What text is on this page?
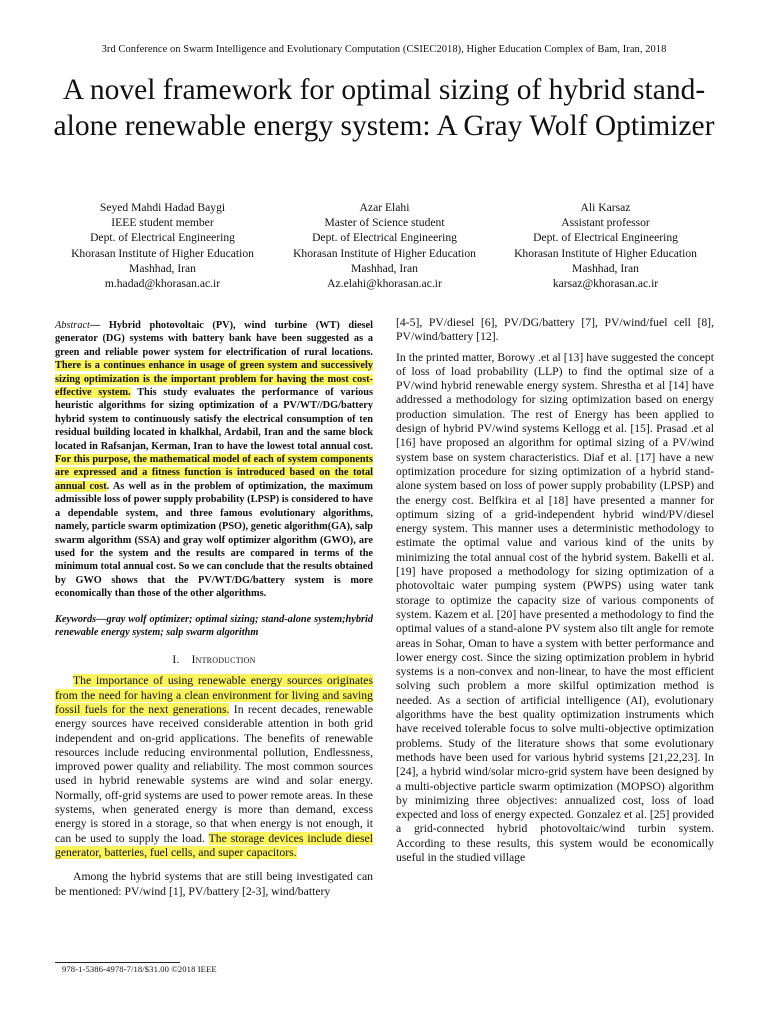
3rd Conference on Swarm Intelligence and Evolutionary Computation (CSIEC2018), Higher Education Complex of Bam, Iran, 2018
A novel framework for optimal sizing of hybrid stand-alone renewable energy system: A Gray Wolf Optimizer
Seyed Mahdi Hadad Baygi
IEEE student member
Dept. of Electrical Engineering
Khorasan Institute of Higher Education
Mashhad, Iran
m.hadad@khorasan.ac.ir
Azar Elahi
Master of Science student
Dept. of Electrical Engineering
Khorasan Institute of Higher Education
Mashhad, Iran
Az.elahi@khorasan.ac.ir
Ali Karsaz
Assistant professor
Dept. of Electrical Engineering
Khorasan Institute of Higher Education
Mashhad, Iran
karsaz@khorasan.ac.ir

Abstract— Hybrid photovoltaic (PV), wind turbine (WT) diesel generator (DG) systems with battery bank have been suggested as a green and reliable power system for electrification of rural locations. There is a continues enhance in usage of green system and successively sizing optimization is the important problem for having the most cost-effective system. This study evaluates the performance of various heuristic algorithms for sizing optimization of a PV/WT//DG/battery hybrid system to continuously satisfy the electrical consumption of ten residual building located in khalkhal, Ardabil, Iran and the same block located in Rafsanjan, Kerman, Iran to have the lowest total annual cost. For this purpose, the mathematical model of each of system components are expressed and a fitness function is introduced based on the total annual cost. As well as in the problem of optimization, the maximum admissible loss of power supply probability (LPSP) is considered to have a dependable system, and three famous evolutionary algorithms, namely, particle swarm optimization (PSO), genetic algorithm(GA), salp swarm algorithm (SSA) and gray wolf optimizer algorithm (GWO), are used for the system and the results are compared in terms of the minimum total annual cost. So we can conclude that the results obtained by GWO shows that the PV/WT/DG/battery system is more economically than those of the other algorithms.

Keywords—gray wolf optimizer; optimal sizing; stand-alone system;hybrid renewable energy system; salp swarm algorithm

I. Introduction

The importance of using renewable energy sources originates from the need for having a clean environment for living and saving fossil fuels for the next generations. In recent decades, renewable energy sources have received considerable attention in both grid independent and on-grid applications. The benefits of renewable resources include reducing environmental pollution, Endlessness, improved power quality and reliability. The most common sources used in hybrid renewable systems are wind and solar energy. Normally, off-grid systems are used to power remote areas. In these systems, when generated energy is more than demand, excess energy is stored in a storage, so that when energy is not enough, it can be used to supply the load. The storage devices include diesel generator, batteries, fuel cells, and super capacitors.

Among the hybrid systems that are still being investigated can be mentioned: PV/wind [1], PV/battery [2-3], wind/battery

[4-5], PV/diesel [6], PV/DG/battery [7], PV/wind/fuel cell [8], PV/wind/battery [12].

In the printed matter, Borowy .et al [13] have suggested the concept of loss of load probability (LLP) to find the optimal size of a PV/wind hybrid renewable energy system. Shrestha et al [14] have addressed a methodology for sizing optimization based on energy production simulation. The rest of Energy has been applied to design of hybrid PV/wind systems Kellogg et al. [15]. Prasad .et al [16] have proposed an algorithm for optimal sizing of a PV/wind system base on system characteristics. Diaf et al. [17] have a new optimization procedure for sizing optimization of a hybrid stand-alone system based on loss of power supply probability (LPSP) and the energy cost. Belfkira et al [18] have presented a manner for optimum sizing of a grid-independent hybrid wind/PV/diesel energy system. This manner uses a deterministic methodology to estimate the optimal value and various kind of the units by minimizing the total annual cost of the hybrid system. Bakelli et al. [19] have proposed a methodology for sizing optimization of a photovoltaic water pumping system (PWPS) using water tank storage to optimize the capacity size of various components of system. Kazem et al. [20] have presented a methodology to find the optimal values of a stand-alone PV system also tilt angle for remote areas in Sohar, Oman to have a system with better performance and lower energy cost. Since the sizing optimization problem in hybrid systems is a non-convex and non-linear, to have the most efficient solving such problem a more skilful optimization method is needed. As a section of artificial intelligence (AI), evolutionary algorithms have the best quality optimization instruments which have received tolerable focus to solve multi-objective optimization problems. Study of the literature shows that some evolutionary methods have been used for various hybrid systems [21,22,23]. In [24], a hybrid wind/solar micro-grid system have been designed by a multi-objective particle swarm optimization (MOPSO) algorithm by minimizing three objectives: annualized cost, loss of load expected and loss of energy expected. Gonzalez et al. [25] provided a grid-connected hybrid photovoltaic/wind turbin system. According to these results, this system would be economically useful in the studied village

978-1-5386-4978-7/18/$31.00 ©2018 IEEE
